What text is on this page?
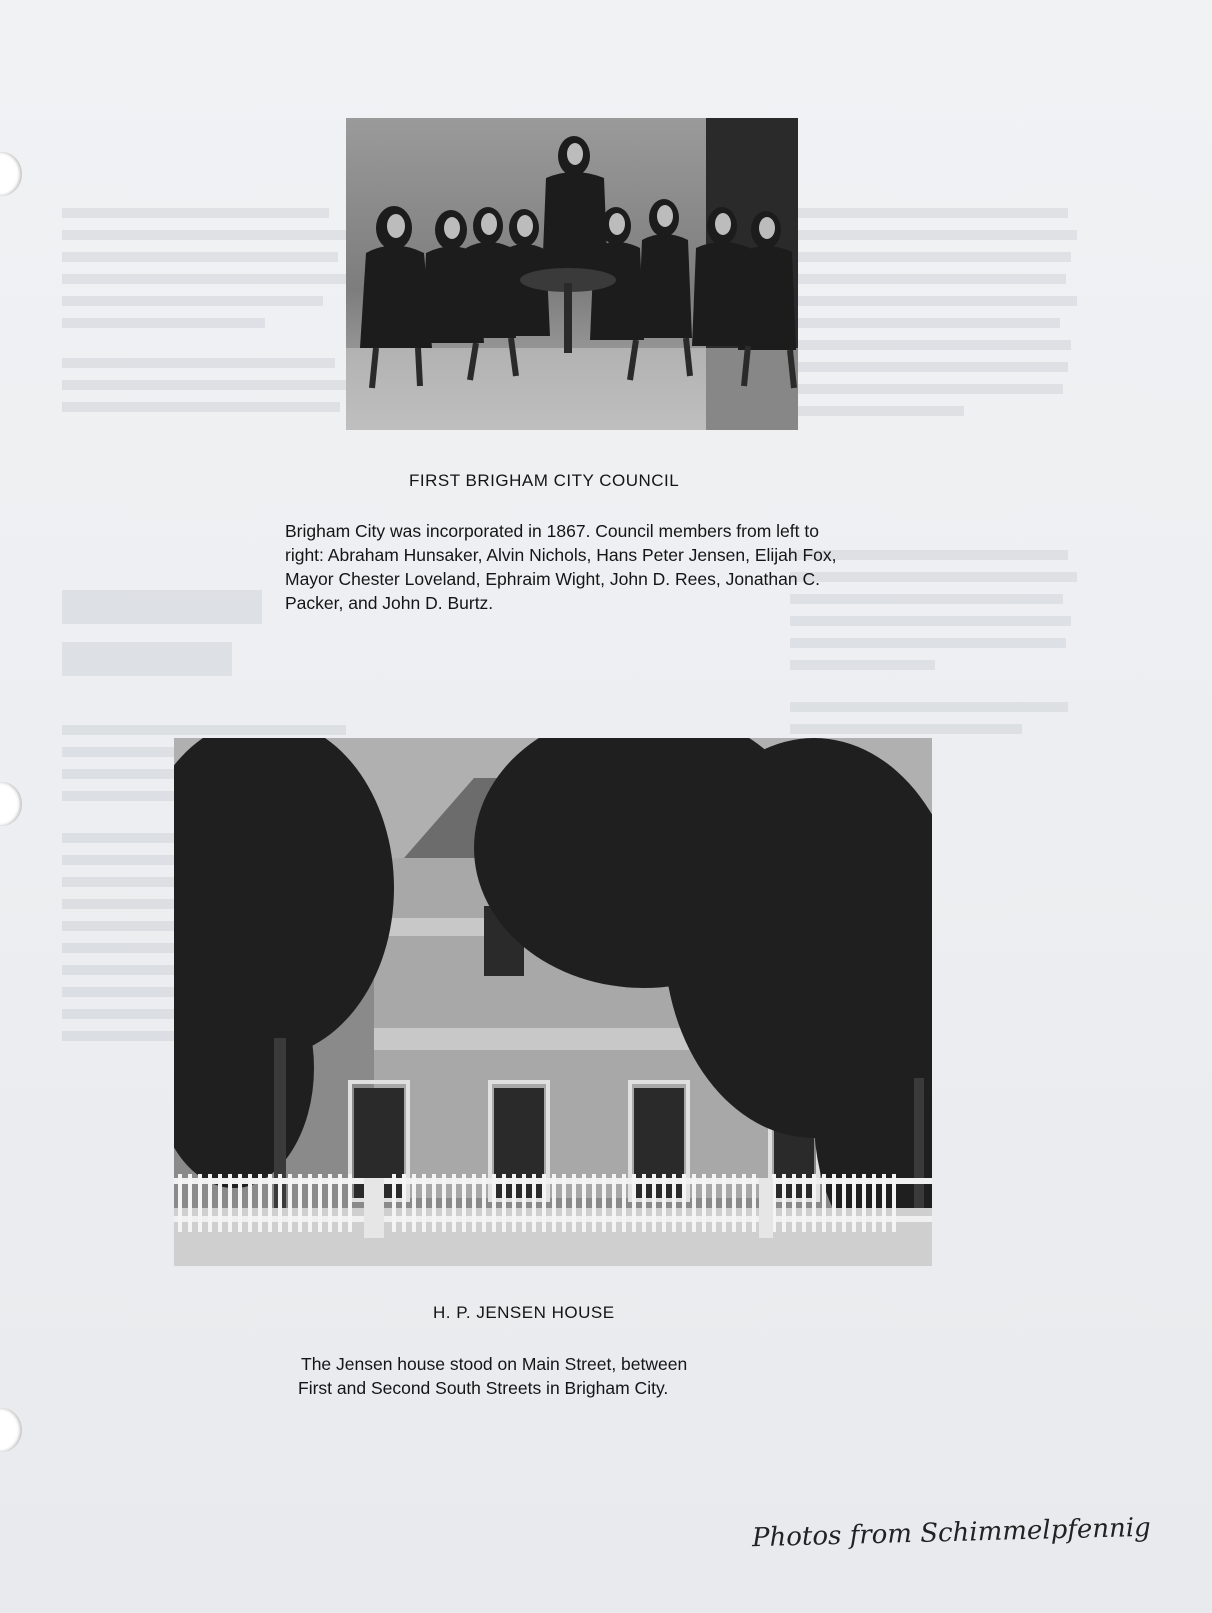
FIRST BRIGHAM CITY COUNCIL
Brigham City was incorporated in 1867. Council members from left to right: Abraham Hunsaker, Alvin Nichols, Hans Peter Jensen, Elijah Fox, Mayor Chester Loveland, Ephraim Wight, John D. Rees, Jonathan C. Packer, and John D. Burtz.
H. P. JENSEN HOUSE
The Jensen house stood on Main Street, between
First and Second South Streets in Brigham City.
Photos from Schimmelpfennig
